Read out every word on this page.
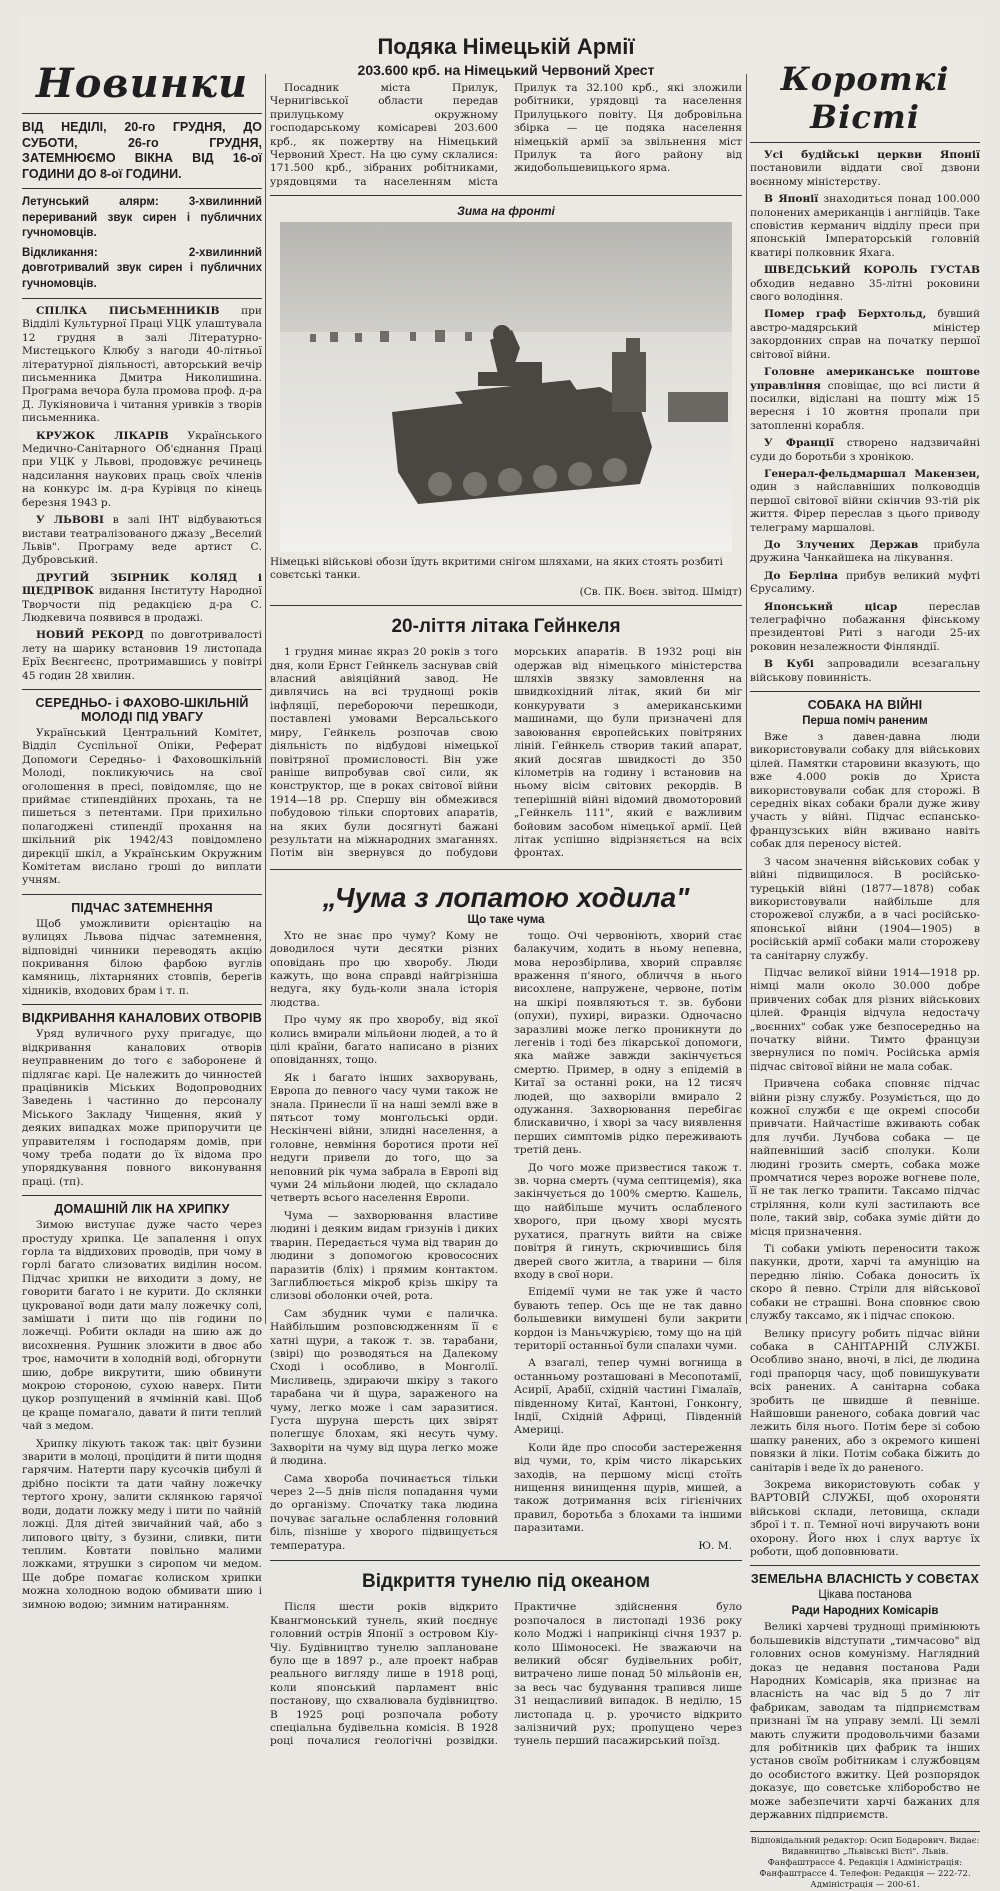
Новинки
ВІД НЕДІЛІ, 20-го ГРУДНЯ, ДО СУБОТИ, 26-го ГРУДНЯ, ЗАТЕМНЮЄМО ВІКНА ВІД 16-ої ГОДИНИ ДО 8-ої ГОДИНИ.
Летунський алярм: 3-хвилинний перериваний звук сирен і публичних гучномовців.
Відкликання: 2-хвилинний довготривалий звук сирен і публичних гучномовців.

СПІЛКА ПИСЬМЕННИКІВ при Відділі Культурної Праці УЦК улаштувала 12 грудня в залі Літературно-Мистецького Клюбу з нагоди 40-літньої літературної діяльності, авторський вечір письменника Дмитра Николишина. Програма вечора була промова проф. д-ра Д. Лукіяновича і читання уривків з творів письменника.

КРУЖОК ЛІКАРІВ Українського Медично-Санітарного Об'єднання Праці при УЦК у Львові, продовжує речинець надсилання наукових праць своїх членів на конкурс ім. д-ра Курівця по кінець березня 1943 р.

У ЛЬВОВІ в залі ІНТ відбуваються вистави театралізованого джазу „Веселий Львів". Програму веде артист С. Дубровський.

ДРУГИЙ ЗБІРНИК КОЛЯД і ЩЕДРІВОК видання Інституту Народної Творчости під редакцією д-ра С. Людкевича появився в продажі.

НОВИЙ РЕКОРД по довготривалості лету на шарику встановив 19 листопада Ерїх Веєнгеєнс, протримавшись у повітрі 45 годин 28 хвилин.

СЕРЕДНЬО- і ФАХОВО-ШКІЛЬНІЙ МОЛОДІ ПІД УВАГУ

Український Центральний Комітет, Відділ Суспільної Опіки, Реферат Допомоги Середньо- і Фаховошкільній Молоді, покликуючись на свої оголошення в пресі, повідомляє, що не приймає стипендійних прохань, та не пишеться з петентами. При прихильно полагоджені стипендії прохання на шкільний рік 1942/43 повідомлено дирекції шкіл, а Українським Окружним Комітетам вислано гроші до виплати учням.

ПІДЧАС ЗАТЕМНЕННЯ

Щоб уможливити орієнтацію на вулицях Львова підчас затемнення, відповідні чинники переводять акцію покривання білою фарбою вуглів камяниць, ліхтарняних стовпів, берегів хідників, входових брам і т. п.

ВІДКРИВАННЯ КАНАЛОВИХ ОТВОРІВ

Уряд вуличного руху пригадує, що відкривання каналових отворів неуправненим до того є заборонене й підлягає карі. Це належить до чинностей працівників Міських Водопроводних Заведень і частинно до персоналу Міського Закладу Чищення, який у деяких випадках може припоручити це управителям і господарям домів, при чому треба подати до їх відома про упорядкування повного виконування праці. (тп).

ДОМАШНІЙ ЛІК НА ХРИПКУ

Зимою виступає дуже часто через простуду хрипка. Це запалення і опух горла та віддихових проводів, при чому в горлі багато слизоватих виділин носом. Підчас хрипки не виходити з дому, не говорити багато і не курити. До склянки цукрованої води дати малу ложечку солі, замішати і пити що пів години по ложечці. Робити оклади на шию аж до висохнення. Рушник зложити в двоє або троє, намочити в холодній воді, обгорнути шию, добре викрутити, шию обвинути мокрою стороною, сухою наверх. Пити цукор розпущений в ячмінній каві. Щоб це краще помагало, давати й пити теплий чай з медом.

Хрипку лікують також так: цвіт бузини зварити в молоці, процідити й пити щодня гарячим. Натерти пару кусочків цибулі й дрібно посікти та дати чайну ложечку тертого хрону, залити склянкою гарячої води, додати ложку меду і пити по чайній ложці. Для дітей звичайний чай, або з липового цвіту, з бузини, сливки, пити теплим. Ковтати повільно малими ложками, ятрушки з сиропом чи медом. Ще добре помагає колиском хрипки можна холодною водою обмивати шию і зимною водою; зимним натиранням.

Подяка Німецькій Армії
203.600 крб. на Німецький Червоний Хрест

Посадник міста Прилук, Чернигівської области передав прилуцькому окружному господарському комісареві 203.600 крб., як пожертву на Німецький Червоний Хрест. На цю суму склалися: 171.500 крб., зібраних робітниками, урядовцями та населенням міста Прилук та 32.100 крб., які зложили робітники, урядовці та населення Прилуцького повіту. Ця добровільна збірка — це подяка населення німецькій армії за звільнення міст Прилук та його району від жидобольшевицького ярма.

Зима на фронті
Німецькі військові обози їдуть вкритими снігом шляхами, на яких стоять розбиті совєтські танки.
(Св. ПК. Воєн. звітод. Шмідт)
20-ліття літака Гейнкеля

1 грудня минає якраз 20 років з того дня, коли Ернст Гейнкель заснував свій власний авіяційний завод. Не дивлячись на всі труднощі років інфляції, перебороючи перешкоди, поставлені умовами Версальського миру, Гейнкель розпочав свою діяльність по відбудові німецької повітряної промисловості. Він уже раніше випробував свої сили, як конструктор, ще в роках світової війни 1914—18 рр. Спершу він обмежився побудовою тільки спортових апаратів, на яких були досягнуті бажані результати на міжнародних змаганнях. Потім він звернувся до побудови морських апаратів. В 1932 році він одержав від німецького міністерства шляхів звязку замовлення на швидкохідний літак, який би міг конкурувати з американськими машинами, що були призначені для завоювання європейських повітряних ліній. Гейнкель створив такий апарат, який досягав швидкості до 350 кілометрів на годину і встановив на ньому вісім світових рекордів. В теперішній війні відомий двомоторовий „Гейнкель 111", який є важливим бойовим засобом німецької армії. Цей літак успішно відрізняється на всіх фронтах.

„Чума з лопатою ходила"
Що таке чума

Хто не знає про чуму? Кому не доводилося чути десятки різних оповідань про цю хворобу. Люди кажуть, що вона справді найгрізніша недуга, яку будь-коли знала історія людства.

Про чуму як про хворобу, від якої колись вмирали мільйони людей, а то й цілі країни, багато написано в різних оповіданнях, тощо.

Як і багато інших захворувань, Европа до певного часу чуми також не знала. Принесли її на наші землі вже в пятьсот тому монгольські орди. Нескінчені війни, злидні населення, а головне, невміння боротися проти неї недуги привели до того, що за неповний рік чума забрала в Европі від чуми 24 мільйони людей, що складало четверть всього населення Европи.

Чума — захворювання властиве людині і деяким видам гризунів і диких тварин. Передається чума від тварин до людини з допомогою кровососних паразитів (бліх) і прямим контактом. Заглиблюється мікроб крізь шкіру та слизові оболонки очей, рота.

Сам збудник чуми є паличка. Найбільшим розповсюдженням її є хатні щури, а також т. зв. тарабани, (звірі) що розводяться на Далекому Сході і особливо, в Монголії. Мисливець, здираючи шкіру з такого тарабана чи й щура, зараженого на чуму, легко може і сам заразитися. Густа шуруна шерсть цих звірят полегшує блохам, які несуть чуму. Захворіти на чуму від щура легко може й людина.

Сама хвороба починається тільки через 2—5 днів після попадання чуми до організму. Спочатку така людина почуває загальне ослаблення головний біль, пізніше у хворого підвищується температура.

тощо. Очі червоніють, хворий стає балакучим, ходить в ньому непевна, мова нерозбірлива, хворий справляє враження п'яного, обличчя в нього висохлене, напружене, червоне, потім на шкірі появляються т. зв. бубони (опухи), пухирі, виразки. Одночасно заразливі може легко проникнути до легенів і тоді без лікарської допомоги, яка майже завжди закінчується смертю. Пример, в одну з епідемій в Китаї за останні роки, на 12 тисяч людей, що захворіли вмирало 2 одужання. Захворювання перебігає блискавично, і хворі за часу виявлення перших симптомів рідко переживають третій день.

До чого може призвестися також т. зв. чорна смерть (чума септицемія), яка закінчується до 100% смертю. Кашель, що найбільше мучить ослабленого хворого, при цьому хворі мусять рухатися, прагнуть вийти на свіже повітря й гинуть, скрючившись біля дверей свого житла, а тварини — біля входу в свої нори.

Епідемії чуми не так уже й часто бувають тепер. Ось ще не так давно большевики вимушені були закрити кордон із Маньчжурією, тому що на цій території останньої були спалахи чуми.

А взагалі, тепер чумні вогнища в останньому розташовані в Месопотамії, Асирії, Арабії, східній частині Гімалаїв, південному Китаї, Кантоні, Гонконгу, Індії, Східній Африці, Південній Америці.

Коли йде про способи застереження від чуми, то, крім чисто лікарських заходів, на першому місці стоїть нищення винищення щурів, мишей, а також дотримання всіх гігієнічних правил, боротьба з блохами та іншими паразитами.

Ю. М.
Відкриття тунелю під океаном

Після шести років відкрито Квангмонський тунель, який поєднує головний острів Японії з островом Кіу-Чіу. Будівництво тунелю заплановане було ще в 1897 р., але проект набрав реального вигляду лише в 1918 році, коли японський парламент вніс постанову, що схвалювала будівництво. В 1925 році розпочала роботу спеціальна будівельна комісія. В 1928 році почалися геологічні розвідки. Практичне здійснення було розпочалося в листопаді 1936 року коло Моджі і наприкінці січня 1937 р. коло Шімоносекі. Не зважаючи на великий обсяг будівельних робіт, витрачено лише понад 50 мільйонів ен, за весь час будування трапився лише 31 нещасливий випадок. В неділю, 15 листопада ц. р. урочисто відкрито залізничий рух; пропущено через тунель перший пасажирський поїзд.

Короткі Вісті

Усі будійські церкви Японії постановили віддати свої дзвони воєнному міністерству.

В Японії знаходиться понад 100.000 полонених американців і англійців. Таке сповістив керманич відділу преси при японській Імператорській головній кватирі полковник Яхага.

ШВЕДСЬКИЙ КОРОЛЬ ГУСТАВ обходив недавно 35-літні роковини свого володіння.

Помер граф Берхтольд, бувший австро-мадярський міністер закордонних справ на початку першої світової війни.

Головне американське поштове управління сповіщає, що всі листи й посилки, відіслані на пошту між 15 вересня і 10 жовтня пропали при затопленні корабля.

У Франції створено надзвичайні суди до боротьби з хронікою.

Генерал-фельдмаршал Макензен, один з найславніших полководців першої світової війни скінчив 93-тій рік життя. Фірер переслав з цього приводу телеграму маршалові.

До Злучених Держав прибула дружина Чанкайшека на лікування.

До Берліна прибув великий муфті Єрусалиму.

Японський цісар	переслав телеграфічно побажання фінському президентові Риті з нагоди 25-их роковин незалежности Фінляндії.

В Кубі запровадили всезагальну військову повинність.

СОБАКА НА ВІЙНІ
Перша поміч раненим

Вже з давен-давна люди використовували собаку для військових цілей. Памятки старовини вказують, що вже 4.000 років до Христа використовували собак для сторожі. В середніх віках собаки брали дуже живу участь у війні. Підчас еспансько-французських війн вживано навіть собак для переносу вістей.

З часом значення військових собак у війні підвищилося. В російсько-турецькій війні (1877—1878) собак використовували найбільше для сторожевої служби, а в часі російсько-японської війни (1904—1905) в російській армії собаки мали сторожеву та санітарну службу.

Підчас великої війни 1914—1918 рр. німці мали около 30.000 добре привчених собак для різних військових цілей. Франція відчула недостачу „воєнних" собак уже безпосередньо на початку війни. Тимто французи звернулися по поміч. Російська армія підчас світової війни не мала собак.

Привчена собака сповняє підчас війни різну службу. Розуміється, що до кожної служби є ще окремі способи привчати. Найчастіше вживають собак для лучби. Лучбова собака — це найпевніший засіб сполуки. Коли людині грозить смерть, собака може промчатися через вороже вогневе поле, її не так легко трапити. Таксамо підчас стріляння, коли кулі застилають все поле, такий звір, собака зуміє дійти до місця призначення.

Ті собаки уміють переносити також пакунки, дроти, харчі та амуніцію на передню лінію. Собака доносить їх скоро й певно. Стріли для військової собаки не страшні. Вона сповнює свою службу таксамо, як і підчас спокою.

Велику присугу робить підчас війни собака в САНІТАРНІЙ СЛУЖБІ. Особливо знано, вночі, в лісі, де людина годі прапорця часу, щоб повишукувати всіх ранених. А санітарна собака зробить це швидше й певніше. Найшовши раненого, собака довгий час лежить біля нього. Потім бере зі собою шапку ранених, або з окремого кишені повязки й ліки. Потім собака біжить до санітарів і веде їх до раненого.

Зокрема використовують собак у ВАРТОВІЙ СЛУЖБІ, щоб охороняти військові склади, летовища, склади зброї і т. п. Темної ночі виручають вони охорону. Його нюх і слух вартує їх роботи, щоб доповнювати.

ЗЕМЕЛЬНА ВЛАСНІСТЬ У СОВЄТАХ
Цікава постанова
Ради Народних Комісарів

Великі харчеві труднощі примінюють большевиків відступати „тимчасово" від головних основ комунізму. Наглядний доказ це недавня постанова Ради Народних Комісарів, яка признає на власність на час від 5 до 7 літ фабрикам, заводам та підприємствам признані їм на управу землі. Ці землі мають служити продовольчими базами для робітників цих фабрик та інших установ своїм робітникам і службовцям до особистого вжитку. Цей розпорядок доказує, що совєтське хліборобство не може забезпечити харчі бажаних для державних підприємств.

Відповідальний редактор: Осип Бодарович. Видає: Видавництво „Львівські Вісті". Львів. Фанфаштрассе 4. Редакція і Адміністрація: Фанфаштрассе 4. Телефон: Редакція — 222-72. Адміністрація — 200-61.
